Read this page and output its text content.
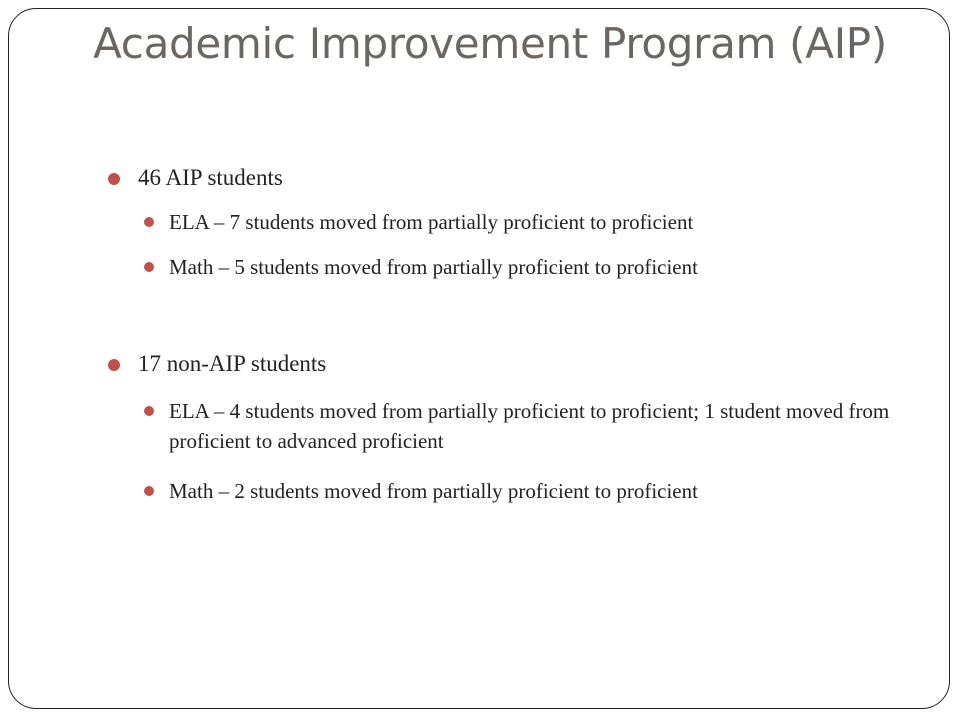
Academic Improvement Program (AIP)
46 AIP students
ELA – 7 students moved from partially proficient to proficient
Math – 5 students moved from partially proficient to proficient
17 non-AIP students
ELA – 4 students moved from partially proficient to proficient; 1 student moved from proficient to advanced proficient
Math – 2 students moved from partially proficient to proficient
